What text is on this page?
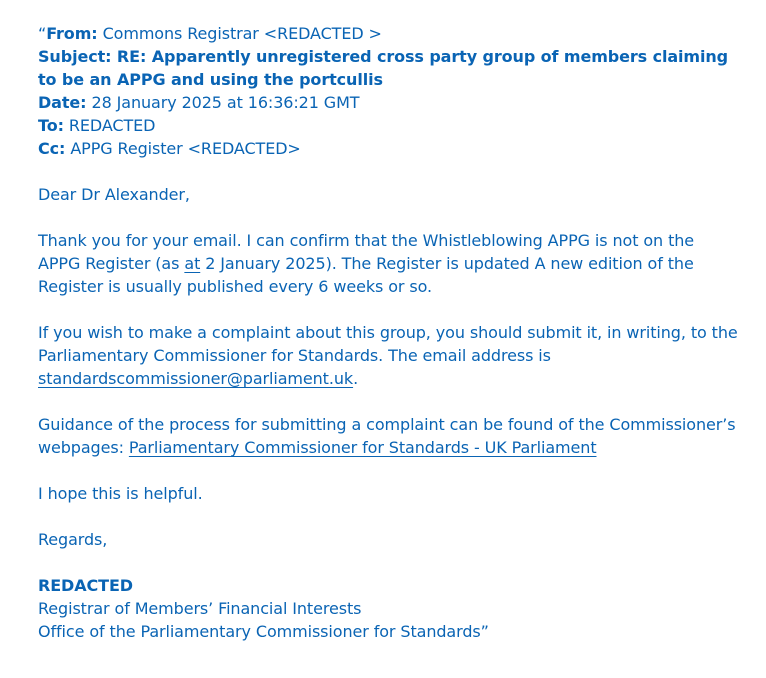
“From: Commons Registrar <REDACTED >

Subject: RE: Apparently unregistered cross party group of members claiming to be an APPG and using the portcullis

Date: 28 January 2025 at 16:36:21 GMT

To: REDACTED

Cc: APPG Register <REDACTED>

Dear Dr Alexander,

Thank you for your email. I can confirm that the Whistleblowing APPG is not on the APPG Register (as at 2 January 2025). The Register is updated A new edition of the Register is usually published every 6 weeks or so.

If you wish to make a complaint about this group, you should submit it, in writing, to the Parliamentary Commissioner for Standards. The email address is standardscommissioner@parliament.uk.

Guidance of the process for submitting a complaint can be found of the Commissioner’s webpages: Parliamentary Commissioner for Standards - UK Parliament

I hope this is helpful.

Regards,

REDACTED

Registrar of Members’ Financial Interests

Office of the Parliamentary Commissioner for Standards”
